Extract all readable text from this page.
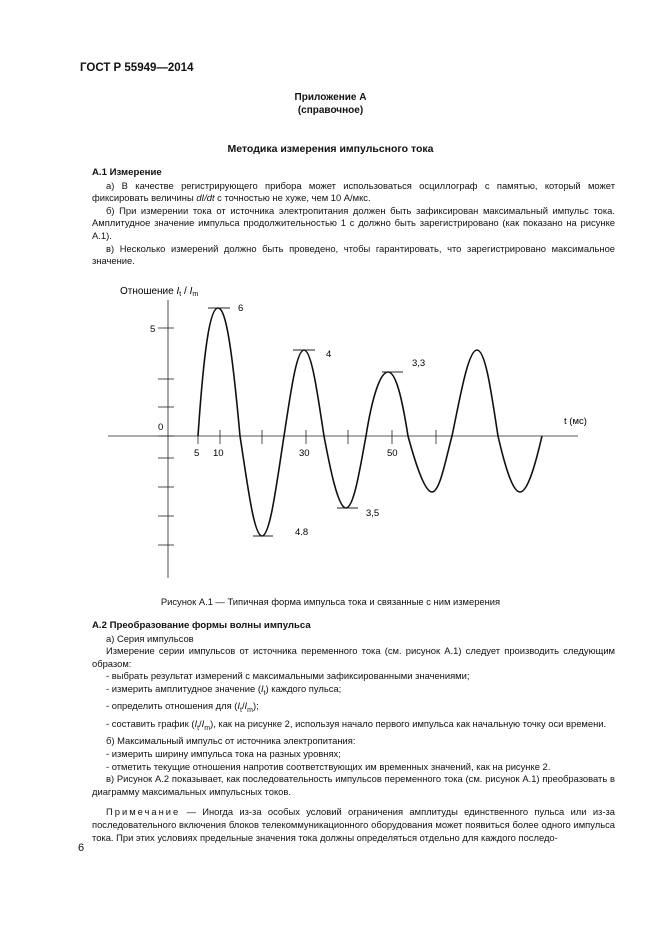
ГОСТ Р 55949—2014
Приложение А
(справочное)
Методика измерения импульсного тока

А.1 Измерение

а) В качестве регистрирующего прибора может использоваться осциллограф с памятью, который может фиксировать величины dI/dt с точностью не хуже, чем 10 А/мкс.

б) При измерении тока от источника электропитания должен быть зафиксирован максимальный импульс тока. Амплитудное значение импульса продолжительностью 1 с должно быть зарегистрировано (как показано на рисунке А.1).

в) Несколько измерений должно быть проведено, чтобы гарантировать, что зарегистрировано максимальное значение.

Отношение $I_t / I_m$
5
0
t (мс)
5 10	30	50
6
4
3,3
3,5
4.8
Рисунок А.1 — Типичная форма импульса тока и связанные с ним измерения

А.2 Преобразование формы волны импульса

а) Серия импульсов

Измерение серии импульсов от источника переменного тока (см. рисунок А.1) следует производить следующим образом:

- выбрать результат измерений с максимальными зафиксированными значениями;

- измерить амплитудное значение $(I_t)$ каждого пульса;

- определить отношения для $(I_t/I_m)$;

- составить график $(I_t/I_m)$, как на рисунке 2, используя начало первого импульса как начальную точку оси времени.

б) Максимальный импульс от источника электропитания:

- измерить ширину импульса тока на разных уровнях;

- отметить текущие отношения напротив соответствующих им временных значений, как на рисунке 2.

в) Рисунок А.2 показывает, как последовательность импульсов переменного тока (см. рисунок А.1) преобразовать в диаграмму максимальных импульсных токов.

Примечание — Иногда из-за особых условий ограничения амплитуды единственного пульса или из-за последовательного включения блоков телекоммуникационного оборудования может появиться более одного импульса тока. При этих условиях предельные значения тока должны определяться отдельно для каждого последо-

6
